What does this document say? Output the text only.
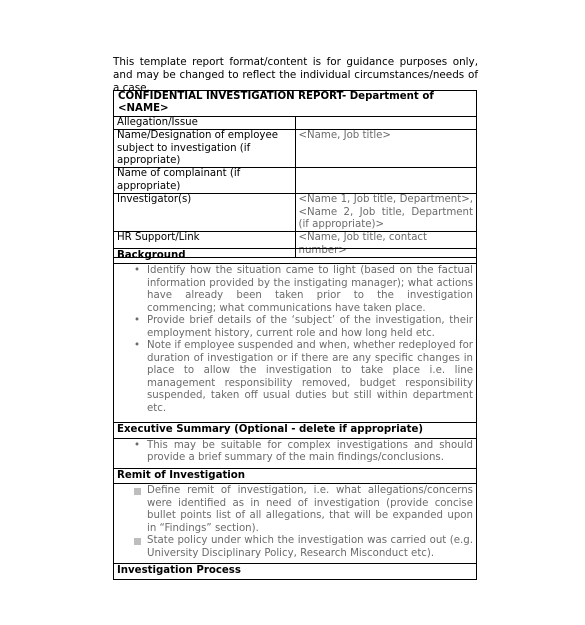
This template report format/content is for guidance purposes only, and may be changed to reflect the individual circumstances/needs of a case.
CONFIDENTIAL INVESTIGATION REPORT- Department of <NAME>	
Allegation/Issue	
Name/Designation of employee subject to investigation (if appropriate)	<Name, Job title>
Name of complainant (if appropriate)	
Investigator(s)	<Name 1, Job title, Department>, <Name 2, Job title, Department (if appropriate)>
HR Support/Link	<Name, Job title, contact number>
Background

• Identify how the situation came to light (based on the factual information provided by the instigating manager); what actions have already been taken prior to the investigation commencing; what communications have taken place.
• Provide brief details of the ‘subject’ of the investigation, their employment history, current role and how long held etc.
• Note if employee suspended and when, whether redeployed for duration of investigation or if there are any specific changes in place to allow the investigation to take place i.e. line management responsibility removed, budget responsibility suspended, taken off usual duties but still within department etc.

Executive Summary (Optional - delete if appropriate)

• This may be suitable for complex investigations and should provide a brief summary of the main findings/conclusions.

Remit of Investigation

Define remit of investigation, i.e. what allegations/concerns were identified as in need of investigation (provide concise bullet points list of all allegations, that will be expanded upon in “Findings” section).
State policy under which the investigation was carried out (e.g. University Disciplinary Policy, Research Misconduct etc).

Investigation Process
